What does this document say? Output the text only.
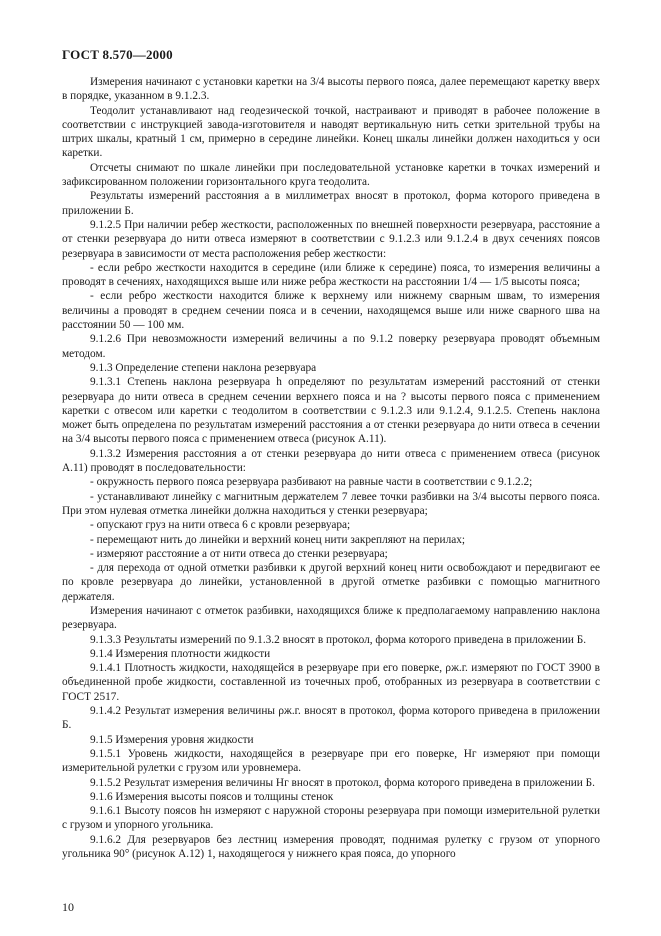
ГОСТ 8.570—2000

Измерения начинают с установки каретки на 3/4 высоты первого пояса, далее перемещают каретку вверх в порядке, указанном в 9.1.2.3.

Теодолит устанавливают над геодезической точкой, настраивают и приводят в рабочее положение в соответствии с инструкцией завода-изготовителя и наводят вертикальную нить сетки зрительной трубы на штрих шкалы, кратный 1 см, примерно в середине линейки. Конец шкалы линейки должен находиться у оси каретки.

Отсчеты снимают по шкале линейки при последовательной установке каретки в точках измерений и зафиксированном положении горизонтального круга теодолита.

Результаты измерений расстояния a в миллиметрах вносят в протокол, форма которого приведена в приложении Б.

9.1.2.5 При наличии ребер жесткости, расположенных по внешней поверхности резервуара, расстояние a от стенки резервуара до нити отвеса измеряют в соответствии с 9.1.2.3 или 9.1.2.4 в двух сечениях поясов резервуара в зависимости от места расположения ребер жесткости:

- если ребро жесткости находится в середине (или ближе к середине) пояса, то измерения величины a проводят в сечениях, находящихся выше или ниже ребра жесткости на расстоянии 1/4 — 1/5 высоты пояса;

- если ребро жесткости находится ближе к верхнему или нижнему сварным швам, то измерения величины a проводят в среднем сечении пояса и в сечении, находящемся выше или ниже сварного шва на расстоянии 50 — 100 мм.

9.1.2.6 При невозможности измерений величины a по 9.1.2 поверку резервуара проводят объемным методом.

9.1.3 Определение степени наклона резервуара

9.1.3.1 Степень наклона резервуара h определяют по результатам измерений расстояний от стенки резервуара до нити отвеса в среднем сечении верхнего пояса и на ? высоты первого пояса с применением каретки с отвесом или каретки с теодолитом в соответствии с 9.1.2.3 или 9.1.2.4, 9.1.2.5. Степень наклона может быть определена по результатам измерений расстояния a от стенки резервуара до нити отвеса в сечении на 3/4 высоты первого пояса с применением отвеса (рисунок А.11).

9.1.3.2 Измерения расстояния a от стенки резервуара до нити отвеса с применением отвеса (рисунок А.11) проводят в последовательности:

- окружность первого пояса резервуара разбивают на равные части в соответствии с 9.1.2.2;

- устанавливают линейку с магнитным держателем 7 левее точки разбивки на 3/4 высоты первого пояса. При этом нулевая отметка линейки должна находиться у стенки резервуара;

- опускают груз на нити отвеса 6 с кровли резервуара;

- перемещают нить до линейки и верхний конец нити закрепляют на перилах;

- измеряют расстояние a от нити отвеса до стенки резервуара;

- для перехода от одной отметки разбивки к другой верхний конец нити освобождают и передвигают ее по кровле резервуара до линейки, установленной в другой отметке разбивки с помощью магнитного держателя.

Измерения начинают с отметок разбивки, находящихся ближе к предполагаемому направлению наклона резервуара.

9.1.3.3 Результаты измерений по 9.1.3.2 вносят в протокол, форма которого приведена в приложении Б.

9.1.4 Измерения плотности жидкости

9.1.4.1 Плотность жидкости, находящейся в резервуаре при его поверке, ρж.г. измеряют по ГОСТ 3900 в объединенной пробе жидкости, составленной из точечных проб, отобранных из резервуара в соответствии с ГОСТ 2517.

9.1.4.2 Результат измерения величины ρж.г. вносят в протокол, форма которого приведена в приложении Б.

9.1.5 Измерения уровня жидкости

9.1.5.1 Уровень жидкости, находящейся в резервуаре при его поверке, Hг измеряют при помощи измерительной рулетки с грузом или уровнемера.

9.1.5.2 Результат измерения величины Hг вносят в протокол, форма которого приведена в приложении Б.

9.1.6 Измерения высоты поясов и толщины стенок

9.1.6.1 Высоту поясов hн измеряют с наружной стороны резервуара при помощи измерительной рулетки с грузом и упорного угольника.

9.1.6.2 Для резервуаров без лестниц измерения проводят, поднимая рулетку с грузом от упорного угольника 90° (рисунок А.12) 1, находящегося у нижнего края пояса, до упорного

10
